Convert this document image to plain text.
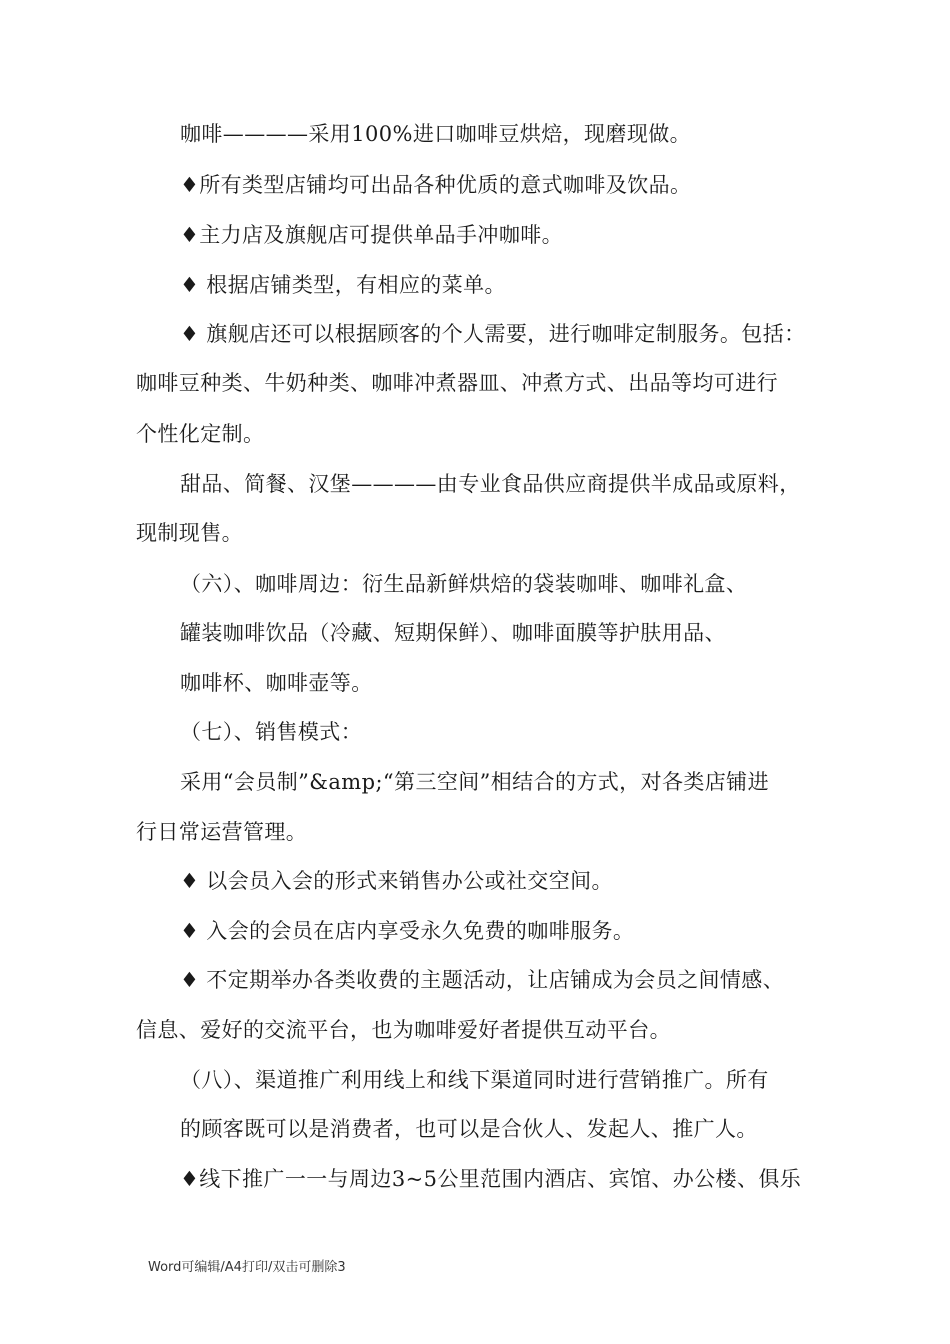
咖啡————采用100%进口咖啡豆烘焙，现磨现做。
♦所有类型店铺均可出品各种优质的意式咖啡及饮品。
♦主力店及旗舰店可提供单品手冲咖啡。
♦ 根据店铺类型，有相应的菜单。
♦ 旗舰店还可以根据顾客的个人需要，进行咖啡定制服务。包括：
咖啡豆种类、牛奶种类、咖啡冲煮器皿、冲煮方式、出品等均可进行
个性化定制。
甜品、简餐、汉堡————由专业食品供应商提供半成品或原料，
现制现售。
（六）、咖啡周边：衍生品新鲜烘焙的袋装咖啡、咖啡礼盒、
罐装咖啡饮品（冷藏、短期保鲜）、咖啡面膜等护肤用品、
咖啡杯、咖啡壶等。
（七）、销售模式：
采用“会员制”&amp;“第三空间”相结合的方式，对各类店铺进
行日常运营管理。
♦ 以会员入会的形式来销售办公或社交空间。
♦ 入会的会员在店内享受永久免费的咖啡服务。
♦ 不定期举办各类收费的主题活动，让店铺成为会员之间情感、
信息、爱好的交流平台，也为咖啡爱好者提供互动平台。
（八）、渠道推广利用线上和线下渠道同时进行营销推广。所有
的顾客既可以是消费者，也可以是合伙人、发起人、推广人。
♦线下推广一一与周边3~5公里范围内酒店、宾馆、办公楼、俱乐
Word可编辑/A4打印/双击可删除3
